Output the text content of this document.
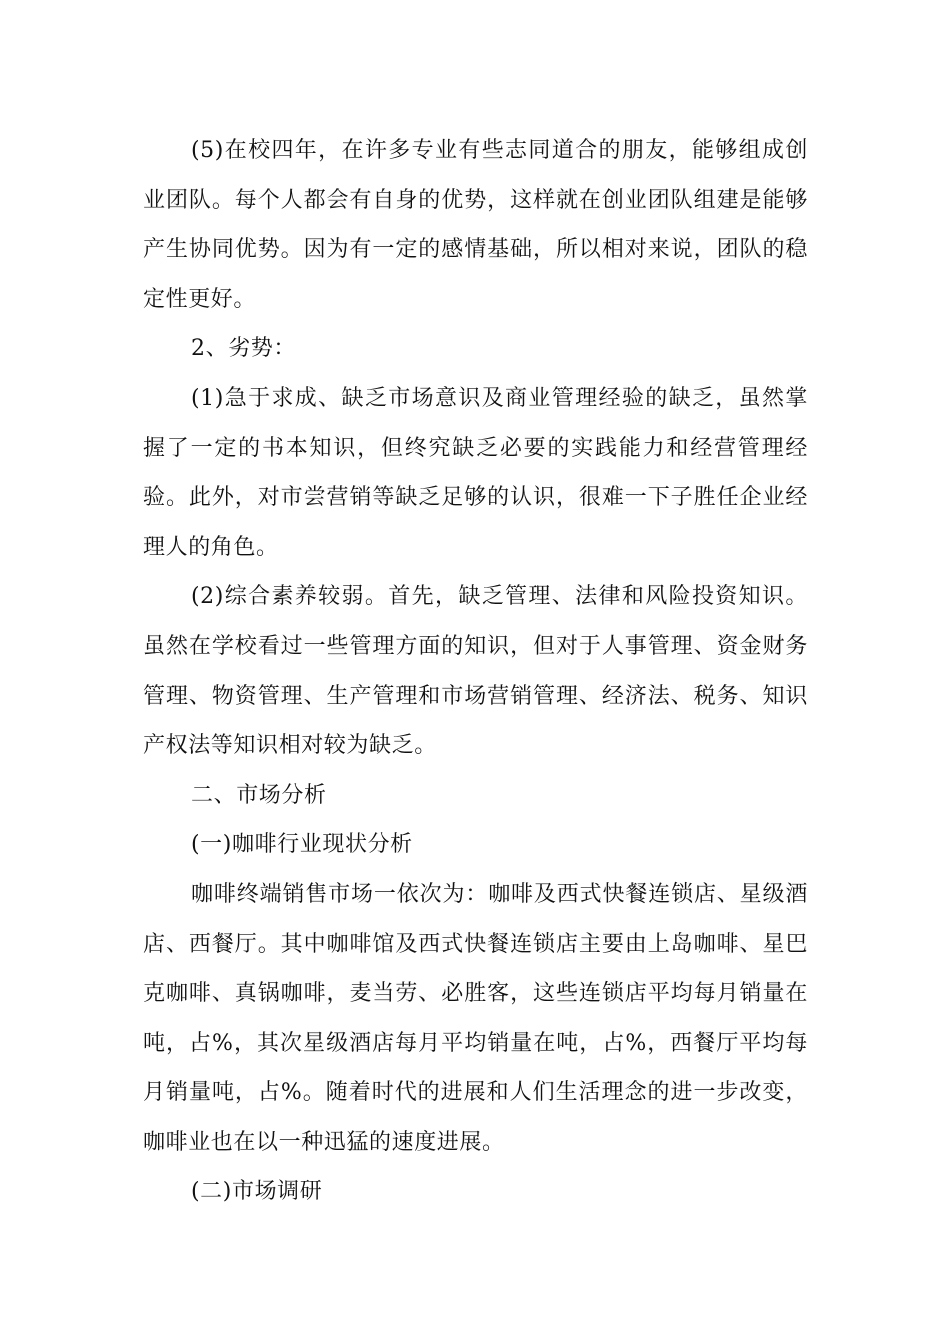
(5)在校四年，在许多专业有些志同道合的朋友，能够组成创业团队。每个人都会有自身的优势，这样就在创业团队组建是能够产生协同优势。因为有一定的感情基础，所以相对来说，团队的稳定性更好。

2、劣势：

(1)急于求成、缺乏市场意识及商业管理经验的缺乏，虽然掌握了一定的书本知识，但终究缺乏必要的实践能力和经营管理经验。此外，对市尝营销等缺乏足够的认识，很难一下子胜任企业经理人的角色。

(2)综合素养较弱。首先，缺乏管理、法律和风险投资知识。虽然在学校看过一些管理方面的知识，但对于人事管理、资金财务管理、物资管理、生产管理和市场营销管理、经济法、税务、知识产权法等知识相对较为缺乏。

二、市场分析

(一)咖啡行业现状分析

咖啡终端销售市场一依次为：咖啡及西式快餐连锁店、星级酒店、西餐厅。其中咖啡馆及西式快餐连锁店主要由上岛咖啡、星巴克咖啡、真锅咖啡，麦当劳、必胜客，这些连锁店平均每月销量在吨，占%，其次星级酒店每月平均销量在吨，占%，西餐厅平均每月销量吨，占%。随着时代的进展和人们生活理念的进一步改变，咖啡业也在以一种迅猛的速度进展。

(二)市场调研
